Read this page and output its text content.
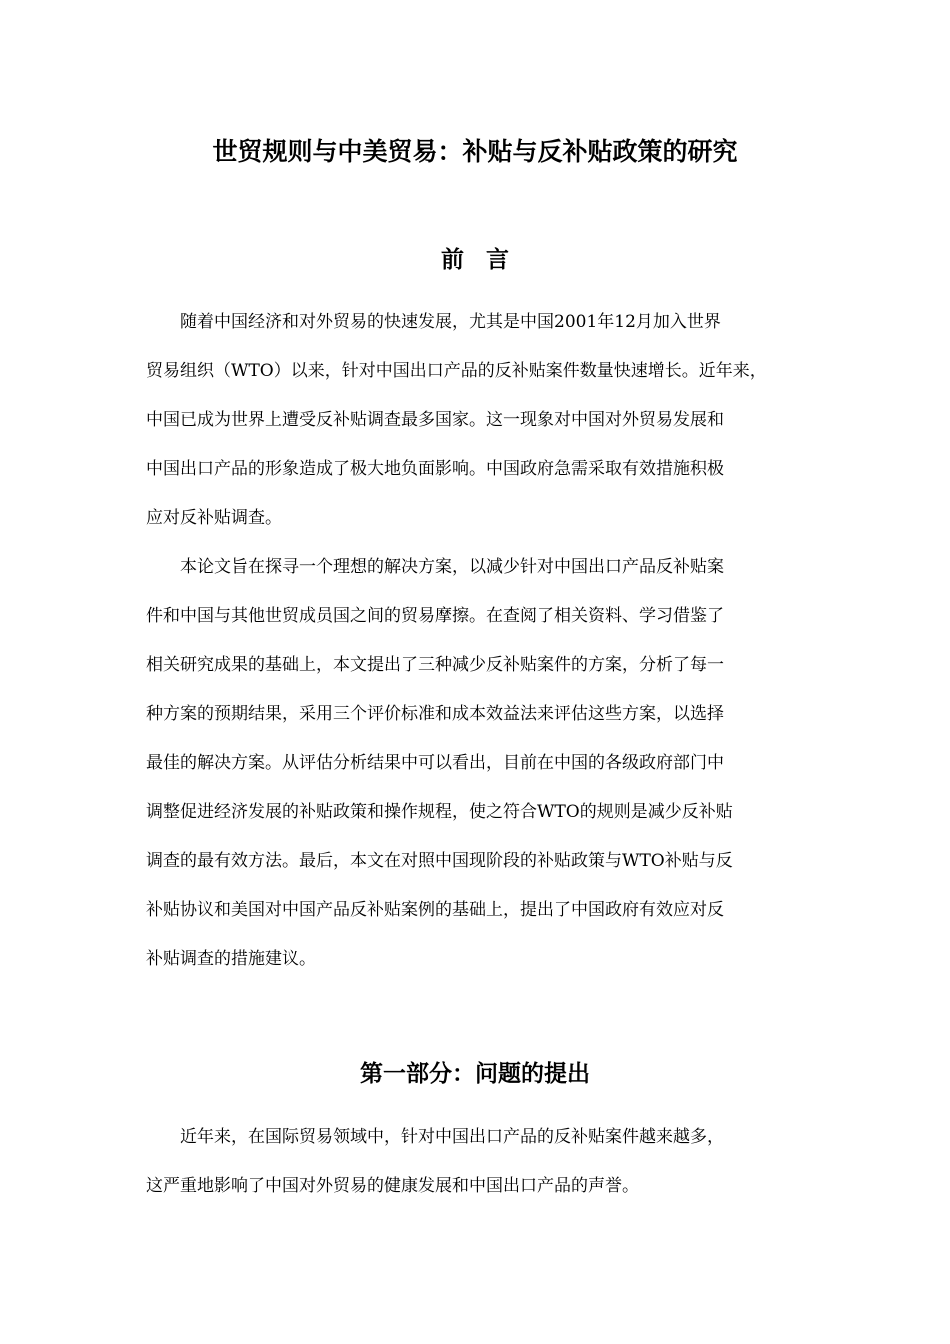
世贸规则与中美贸易：补贴与反补贴政策的研究
前言

随着中国经济和对外贸易的快速发展，尤其是中国2001年12月加入世界
贸易组织（WTO）以来，针对中国出口产品的反补贴案件数量快速增长。近年来，
中国已成为世界上遭受反补贴调查最多国家。这一现象对中国对外贸易发展和
中国出口产品的形象造成了极大地负面影响。中国政府急需采取有效措施积极
应对反补贴调查。

本论文旨在探寻一个理想的解决方案，以减少针对中国出口产品反补贴案
件和中国与其他世贸成员国之间的贸易摩擦。在查阅了相关资料、学习借鉴了
相关研究成果的基础上，本文提出了三种减少反补贴案件的方案，分析了每一
种方案的预期结果，采用三个评价标准和成本效益法来评估这些方案，以选择
最佳的解决方案。从评估分析结果中可以看出，目前在中国的各级政府部门中
调整促进经济发展的补贴政策和操作规程，使之符合WTO的规则是减少反补贴
调查的最有效方法。最后，本文在对照中国现阶段的补贴政策与WTO补贴与反
补贴协议和美国对中国产品反补贴案例的基础上，提出了中国政府有效应对反
补贴调查的措施建议。

第一部分：问题的提出

近年来，在国际贸易领域中，针对中国出口产品的反补贴案件越来越多，
这严重地影响了中国对外贸易的健康发展和中国出口产品的声誉。
